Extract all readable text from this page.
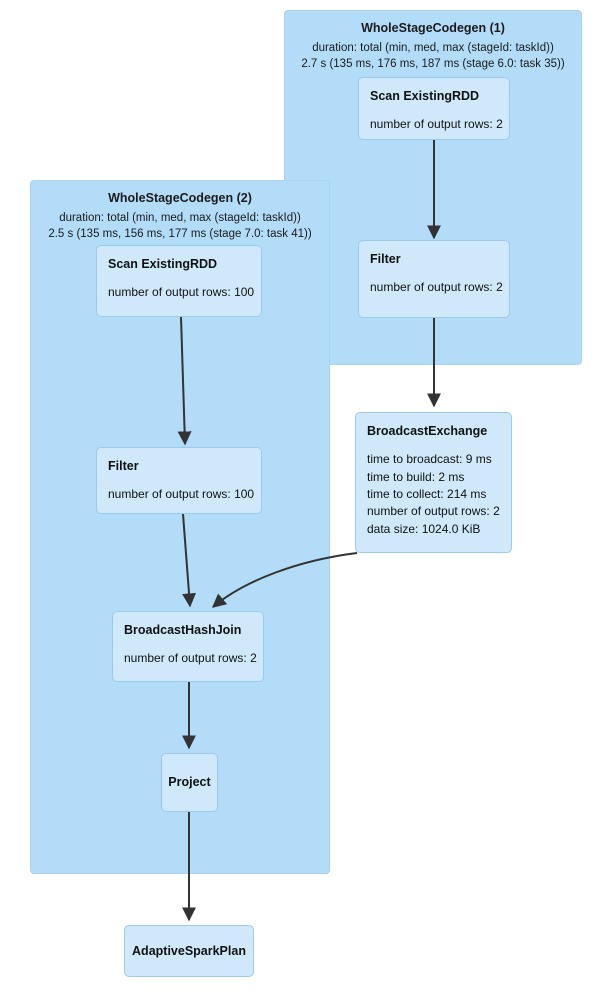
WholeStageCodegen (1)
duration: total (min, med, max (stageId: taskId))
2.7 s (135 ms, 176 ms, 187 ms (stage 6.0: task 35))
WholeStageCodegen (2)
duration: total (min, med, max (stageId: taskId))
2.5 s (135 ms, 156 ms, 177 ms (stage 7.0: task 41))
Scan ExistingRDD
number of output rows: 2
Filter
number of output rows: 2
Scan ExistingRDD
number of output rows: 100
Filter
number of output rows: 100
BroadcastExchange
time to broadcast: 9 ms
time to build: 2 ms
time to collect: 214 ms
number of output rows: 2
data size: 1024.0 KiB
BroadcastHashJoin
number of output rows: 2
Project
AdaptiveSparkPlan
